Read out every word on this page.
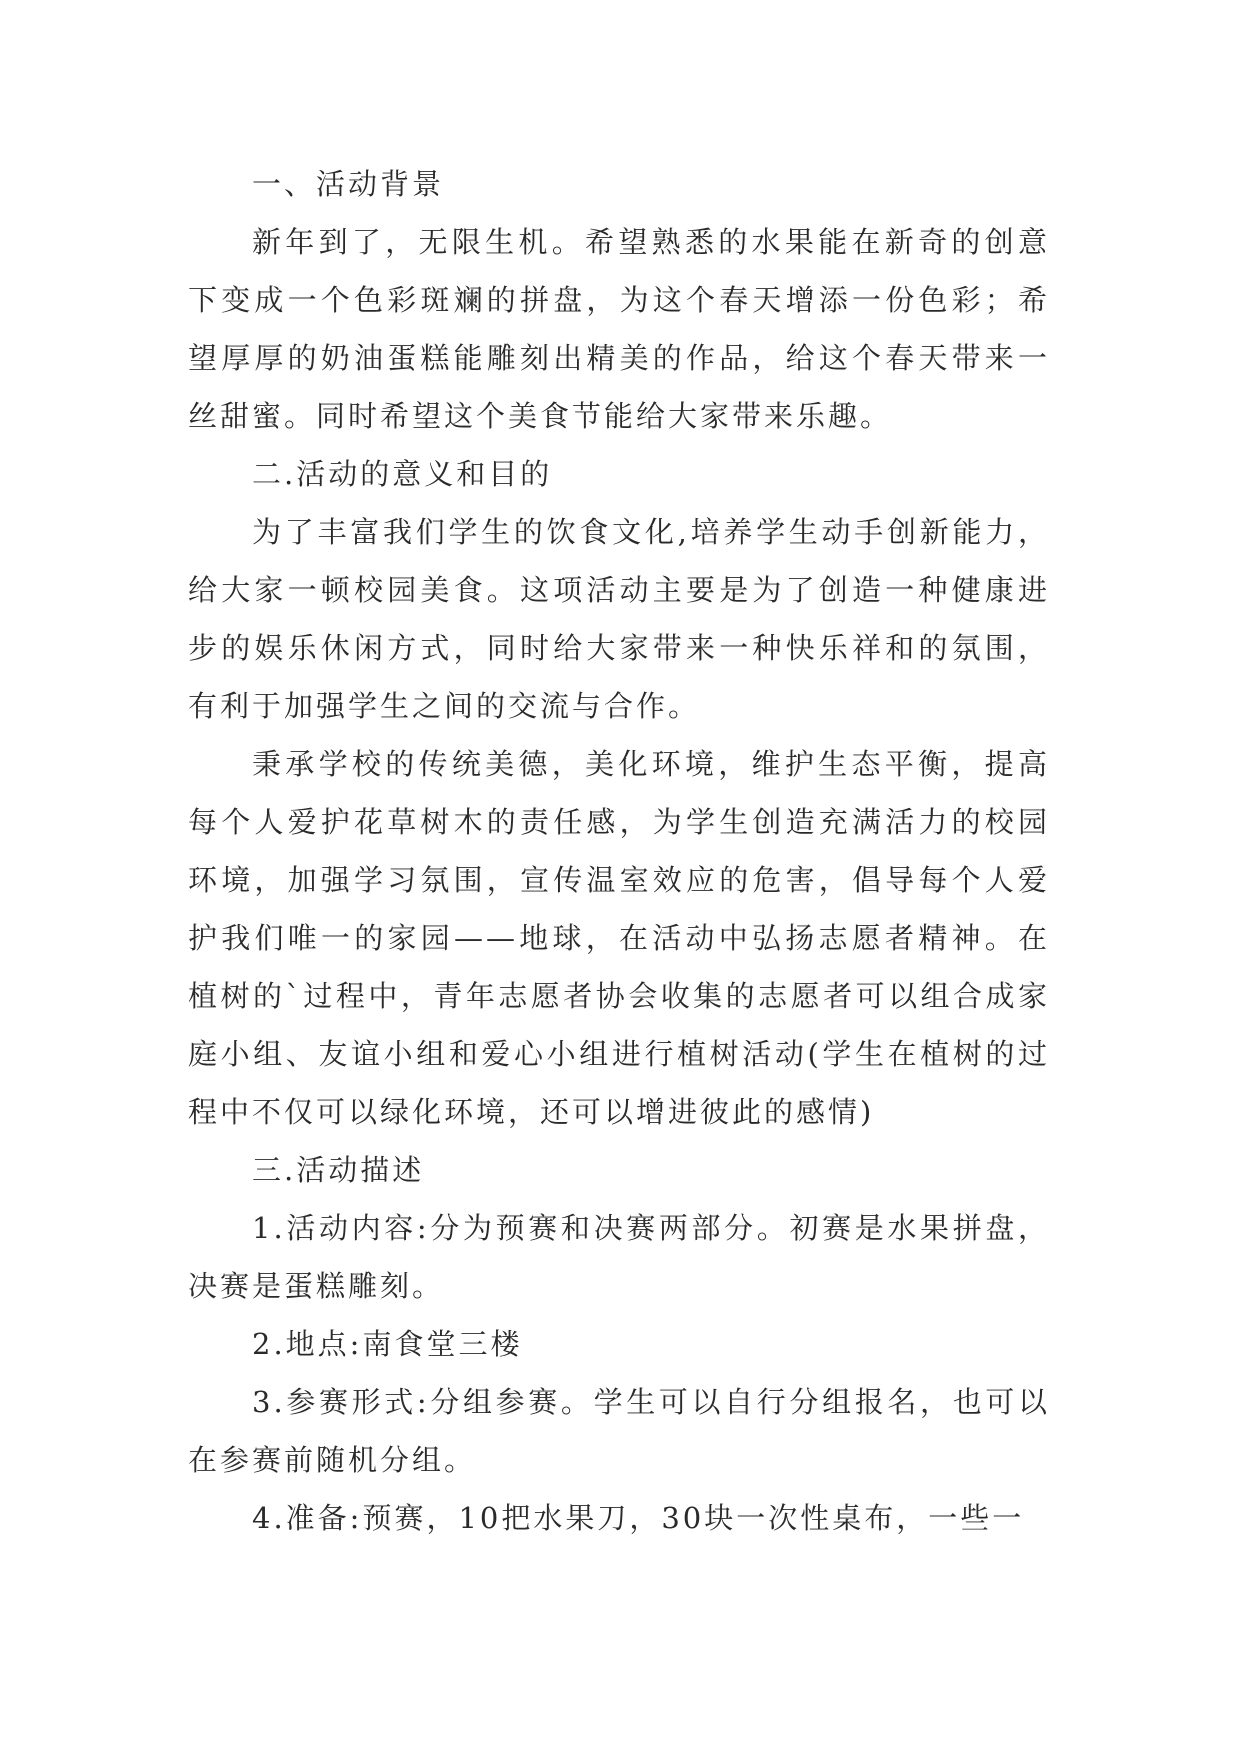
一、活动背景

新年到了，无限生机。希望熟悉的水果能在新奇的创意下变成一个色彩斑斓的拼盘，为这个春天增添一份色彩；希望厚厚的奶油蛋糕能雕刻出精美的作品，给这个春天带来一丝甜蜜。同时希望这个美食节能给大家带来乐趣。

二.活动的意义和目的

为了丰富我们学生的饮食文化,培养学生动手创新能力，给大家一顿校园美食。这项活动主要是为了创造一种健康进步的娱乐休闲方式，同时给大家带来一种快乐祥和的氛围，有利于加强学生之间的交流与合作。

秉承学校的传统美德，美化环境，维护生态平衡，提高每个人爱护花草树木的责任感，为学生创造充满活力的校园环境，加强学习氛围，宣传温室效应的危害，倡导每个人爱护我们唯一的家园——地球，在活动中弘扬志愿者精神。在植树的`过程中，青年志愿者协会收集的志愿者可以组合成家庭小组、友谊小组和爱心小组进行植树活动(学生在植树的过程中不仅可以绿化环境，还可以增进彼此的感情)

三.活动描述

1.活动内容:分为预赛和决赛两部分。初赛是水果拼盘，决赛是蛋糕雕刻。

2.地点:南食堂三楼

3.参赛形式:分组参赛。学生可以自行分组报名，也可以在参赛前随机分组。

4.准备:预赛，10把水果刀，30块一次性桌布，一些一
